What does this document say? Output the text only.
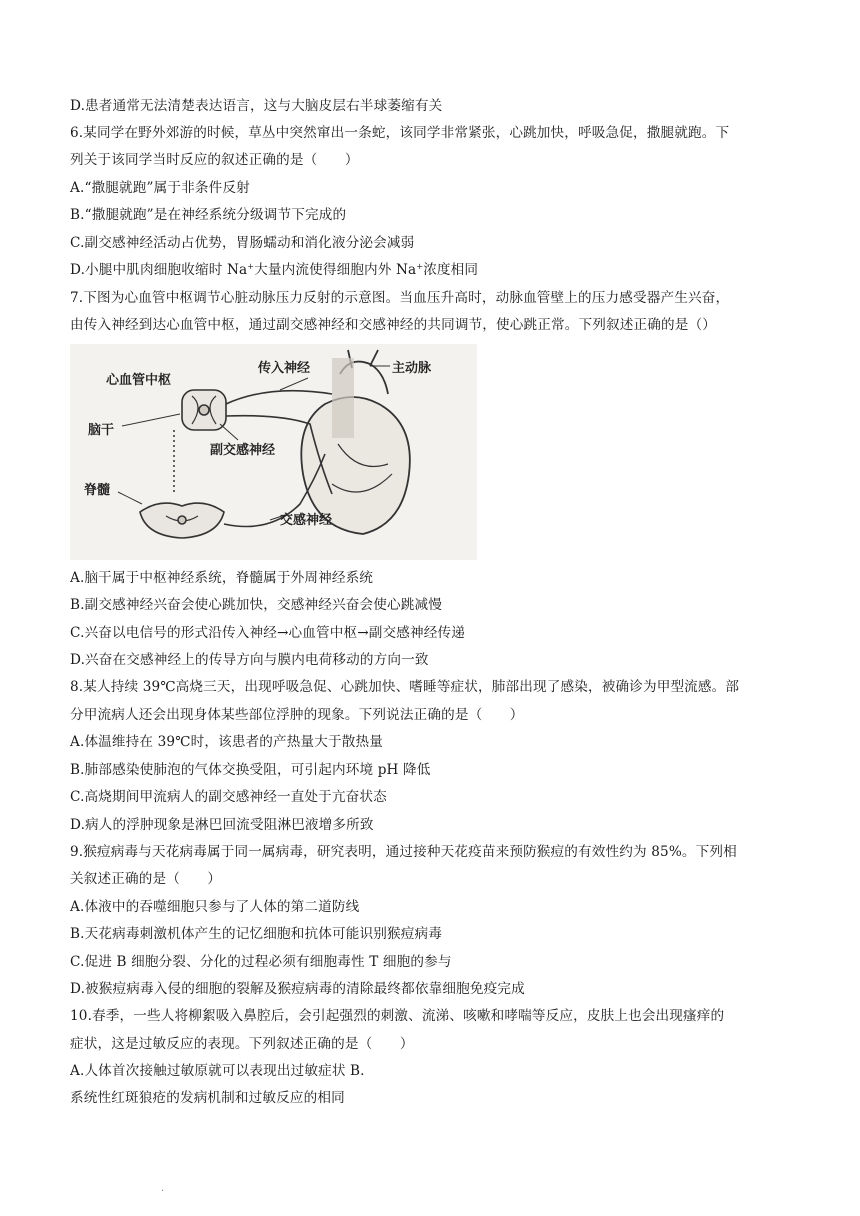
D.患者通常无法清楚表达语言，这与大脑皮层右半球萎缩有关
6.某同学在野外郊游的时候，草丛中突然窜出一条蛇，该同学非常紧张，心跳加快，呼吸急促，撒腿就跑。下
列关于该同学当时反应的叙述正确的是（　　）
A.“撒腿就跑”属于非条件反射
B.“撒腿就跑”是在神经系统分级调节下完成的
C.副交感神经活动占优势，胃肠蠕动和消化液分泌会减弱
D.小腿中肌肉细胞收缩时 Na+大量内流使得细胞内外 Na+浓度相同
7.下图为心血管中枢调节心脏动脉压力反射的示意图。当血压升高时，动脉血管壁上的压力感受器产生兴奋，
由传入神经到达心血管中枢，通过副交感神经和交感神经的共同调节，使心跳正常。下列叙述正确的是（）
心血管中枢
传入神经	主动脉
脑干
副交感神经
脊髓
交感神经
A.脑干属于中枢神经系统，脊髓属于外周神经系统
B.副交感神经兴奋会使心跳加快，交感神经兴奋会使心跳减慢
C.兴奋以电信号的形式沿传入神经→心血管中枢→副交感神经传递
D.兴奋在交感神经上的传导方向与膜内电荷移动的方向一致
8.某人持续 39℃高烧三天，出现呼吸急促、心跳加快、嗜睡等症状，肺部出现了感染，被确诊为甲型流感。部
分甲流病人还会出现身体某些部位浮肿的现象。下列说法正确的是（　　）
A.体温维持在 39℃时，该患者的产热量大于散热量
B.肺部感染使肺泡的气体交换受阻，可引起内环境 pH 降低
C.高烧期间甲流病人的副交感神经一直处于亢奋状态
D.病人的浮肿现象是淋巴回流受阻淋巴液增多所致
9.猴痘病毒与天花病毒属于同一属病毒，研究表明，通过接种天花疫苗来预防猴痘的有效性约为 85%。下列相
关叙述正确的是（　　）
A.体液中的吞噬细胞只参与了人体的第二道防线
B.天花病毒刺激机体产生的记忆细胞和抗体可能识别猴痘病毒
C.促进 B 细胞分裂、分化的过程必须有细胞毒性 T 细胞的参与
D.被猴痘病毒入侵的细胞的裂解及猴痘病毒的清除最终都依靠细胞免疫完成
10.春季，一些人将柳絮吸入鼻腔后，会引起强烈的刺激、流涕、咳嗽和哮喘等反应，皮肤上也会出现瘙痒的
症状，这是过敏反应的表现。下列叙述正确的是（　　）
A.人体首次接触过敏原就可以表现出过敏症状 B.
系统性红斑狼疮的发病机制和过敏反应的相同
.
